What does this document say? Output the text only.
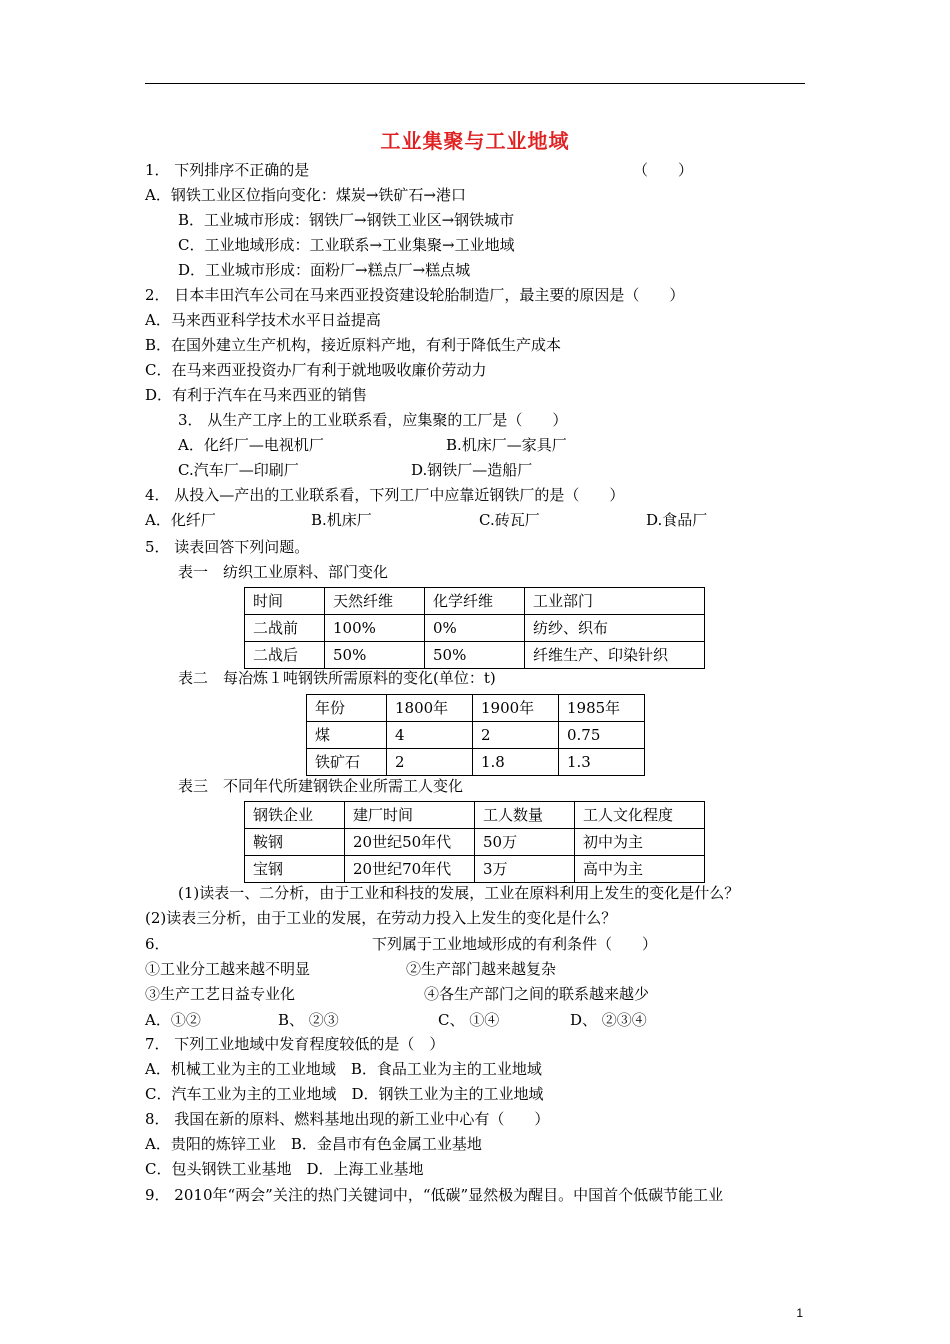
工业集聚与工业地域
1． 下列排序不正确的是	（　　）
A．钢铁工业区位指向变化：煤炭→铁矿石→港口
B．工业城市形成：钢铁厂→钢铁工业区→钢铁城市
C．工业地域形成：工业联系→工业集聚→工业地域
D．工业城市形成：面粉厂→糕点厂→糕点城
2． 日本丰田汽车公司在马来西亚投资建设轮胎制造厂，最主要的原因是（　　）
A．马来西亚科学技术水平日益提高
B．在国外建立生产机构，接近原料产地，有利于降低生产成本
C．在马来西亚投资办厂有利于就地吸收廉价劳动力
D．有利于汽车在马来西亚的销售
3． 从生产工序上的工业联系看，应集聚的工厂是（　　）
A．化纤厂—电视机厂	B.机床厂—家具厂
C.汽车厂—印刷厂	D.钢铁厂—造船厂
4． 从投入—产出的工业联系看，下列工厂中应靠近钢铁厂的是（　　）
A．化纤厂	B.机床厂	C.砖瓦厂	D.食品厂
5． 读表回答下列问题。
表一　纺织工业原料、部门变化
表二　每冶炼１吨钢铁所需原料的变化(单位：t)
表三　不同年代所建钢铁企业所需工人变化
(1)读表一、二分析，由于工业和科技的发展，工业在原料利用上发生的变化是什么？
(2)读表三分析，由于工业的发展，在劳动力投入上发生的变化是什么？
6．	下列属于工业地域形成的有利条件（　　）
①工业分工越来越不明显	②生产部门越来越复杂
③生产工艺日益专业化	④各生产部门之间的联系越来越少
A．①②	B、 ②③	C、 ①④	D、 ②③④
7． 下列工业地域中发育程度较低的是（　）
A．机械工业为主的工业地域　B．食品工业为主的工业地域
C．汽车工业为主的工业地域　D．钢铁工业为主的工业地域
8． 我国在新的原料、燃料基地出现的新工业中心有（　　）
A．贵阳的炼锌工业　B．金昌市有色金属工业基地
C．包头钢铁工业基地　D．上海工业基地
9． 2010年“两会”关注的热门关键词中，“低碳”显然极为醒目。中国首个低碳节能工业
时间	天然纤维	化学纤维	工业部门
二战前	100%	0%	纺纱、织布
二战后	50%	50%	纤维生产、印染针织
年份	1800年	1900年	1985年
煤	4	2	0.75
铁矿石	2	1.8	1.3
钢铁企业	建厂时间	工人数量	工人文化程度
鞍钢	20世纪50年代	50万	初中为主
宝钢	20世纪70年代	3万	高中为主
1
